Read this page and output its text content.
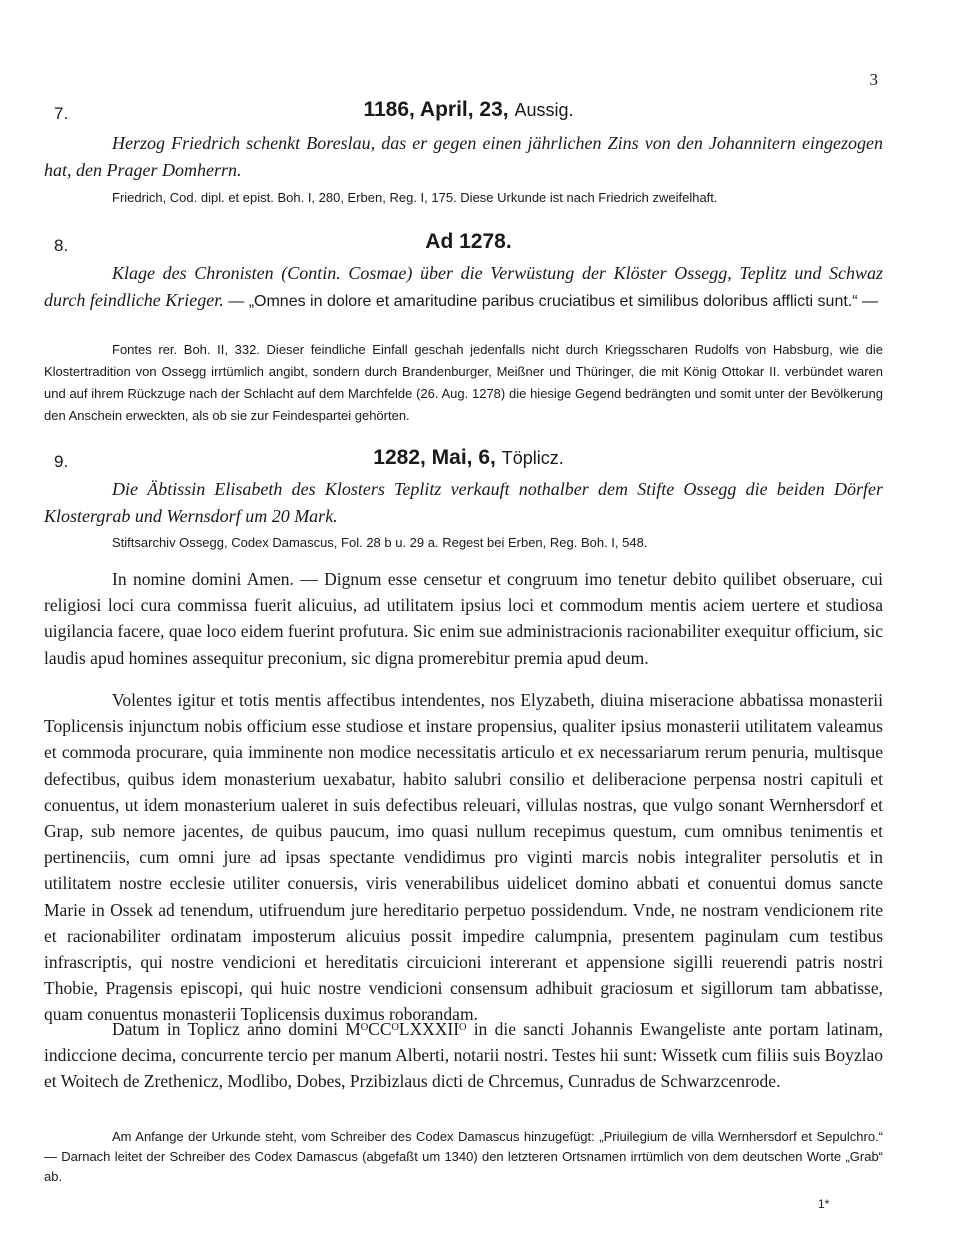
3
7.	1186, April, 23, Aussig.
Herzog Friedrich schenkt Boreslau, das er gegen einen jährlichen Zins von den Johannitern eingezogen hat, den Prager Domherrn.
Friedrich, Cod. dipl. et epist. Boh. I, 280, Erben, Reg. I, 175. Diese Urkunde ist nach Friedrich zweifelhaft.
8.	Ad 1278.
Klage des Chronisten (Contin. Cosmae) über die Verwüstung der Klöster Ossegg, Teplitz und Schwaz durch feindliche Krieger. — „Omnes in dolore et amaritudine paribus cruciatibus et similibus doloribus afflicti sunt.“ —
Fontes rer. Boh. II, 332. Dieser feindliche Einfall geschah jedenfalls nicht durch Kriegsscharen Rudolfs von Habsburg, wie die Klostertradition von Ossegg irrtümlich angibt, sondern durch Brandenburger, Meißner und Thüringer, die mit König Ottokar II. verbündet waren und auf ihrem Rückzuge nach der Schlacht auf dem Marchfelde (26. Aug. 1278) die hiesige Gegend bedrängten und somit unter der Bevölkerung den Anschein erweckten, als ob sie zur Feindespartei gehörten.
9.	1282, Mai, 6, Töplicz.
Die Äbtissin Elisabeth des Klosters Teplitz verkauft nothalber dem Stifte Ossegg die beiden Dörfer Klostergrab und Wernsdorf um 20 Mark.
Stiftsarchiv Ossegg, Codex Damascus, Fol. 28 b u. 29 a. Regest bei Erben, Reg. Boh. I, 548.

In nomine domini Amen. — Dignum esse censetur et congruum imo tenetur debito quilibet obseruare, cui religiosi loci cura commissa fuerit alicuius, ad utilitatem ipsius loci et commodum mentis aciem uertere et studiosa uigilancia facere, quae loco eidem fuerint profutura. Sic enim sue administracionis racionabiliter exequitur officium, sic laudis apud homines assequitur preconium, sic digna promerebitur premia apud deum.

Volentes igitur et totis mentis affectibus intendentes, nos Elyzabeth, diuina miseracione abbatissa monasterii Toplicensis injunctum nobis officium esse studiose et instare propensius, qualiter ipsius monasterii utilitatem valeamus et commoda procurare, quia imminente non modice necessitatis articulo et ex necessariarum rerum penuria, multisque defectibus, quibus idem monasterium uexabatur, habito salubri consilio et deliberacione perpensa nostri capituli et conuentus, ut idem monasterium ualeret in suis defectibus releuari, villulas nostras, que vulgo sonant Wernhersdorf et Grap, sub nemore jacentes, de quibus paucum, imo quasi nullum recepimus questum, cum omnibus tenimentis et pertinenciis, cum omni jure ad ipsas spectante vendidimus pro viginti marcis nobis integraliter persolutis et in utilitatem nostre ecclesie utiliter conuersis, viris venerabilibus uidelicet domino abbati et conuentui domus sancte Marie in Ossek ad tenendum, utifruendum jure hereditario perpetuo possidendum. Vnde, ne nostram vendicionem rite et racionabiliter ordinatam imposterum alicuius possit impedire calumpnia, presentem paginulam cum testibus infrascriptis, qui nostre vendicioni et hereditatis circuicioni intererant et appensione sigilli reuerendi patris nostri Thobie, Pragensis episcopi, qui huic nostre vendicioni consensum adhibuit graciosum et sigillorum tam abbatisse, quam conuentus monasterii Toplicensis duximus roborandam.

Datum in Toplicz anno domini MᴼCCᴼLXXXIIᴼ in die sancti Johannis Ewangeliste ante portam latinam, indiccione decima, concurrente tercio per manum Alberti, notarii nostri. Testes hii sunt: Wissetk cum filiis suis Boyzlao et Woitech de Zrethenicz, Modlibo, Dobes, Przibizlaus dicti de Chrcemus, Cunradus de Schwarzcenrode.

Am Anfange der Urkunde steht, vom Schreiber des Codex Damascus hinzugefügt: „Priuilegium de villa Wernhersdorf et Sepulchro.“ — Darnach leitet der Schreiber des Codex Damascus (abgefaßt um 1340) den letzteren Ortsnamen irrtümlich von dem deutschen Worte „Grab“ ab.
1*
